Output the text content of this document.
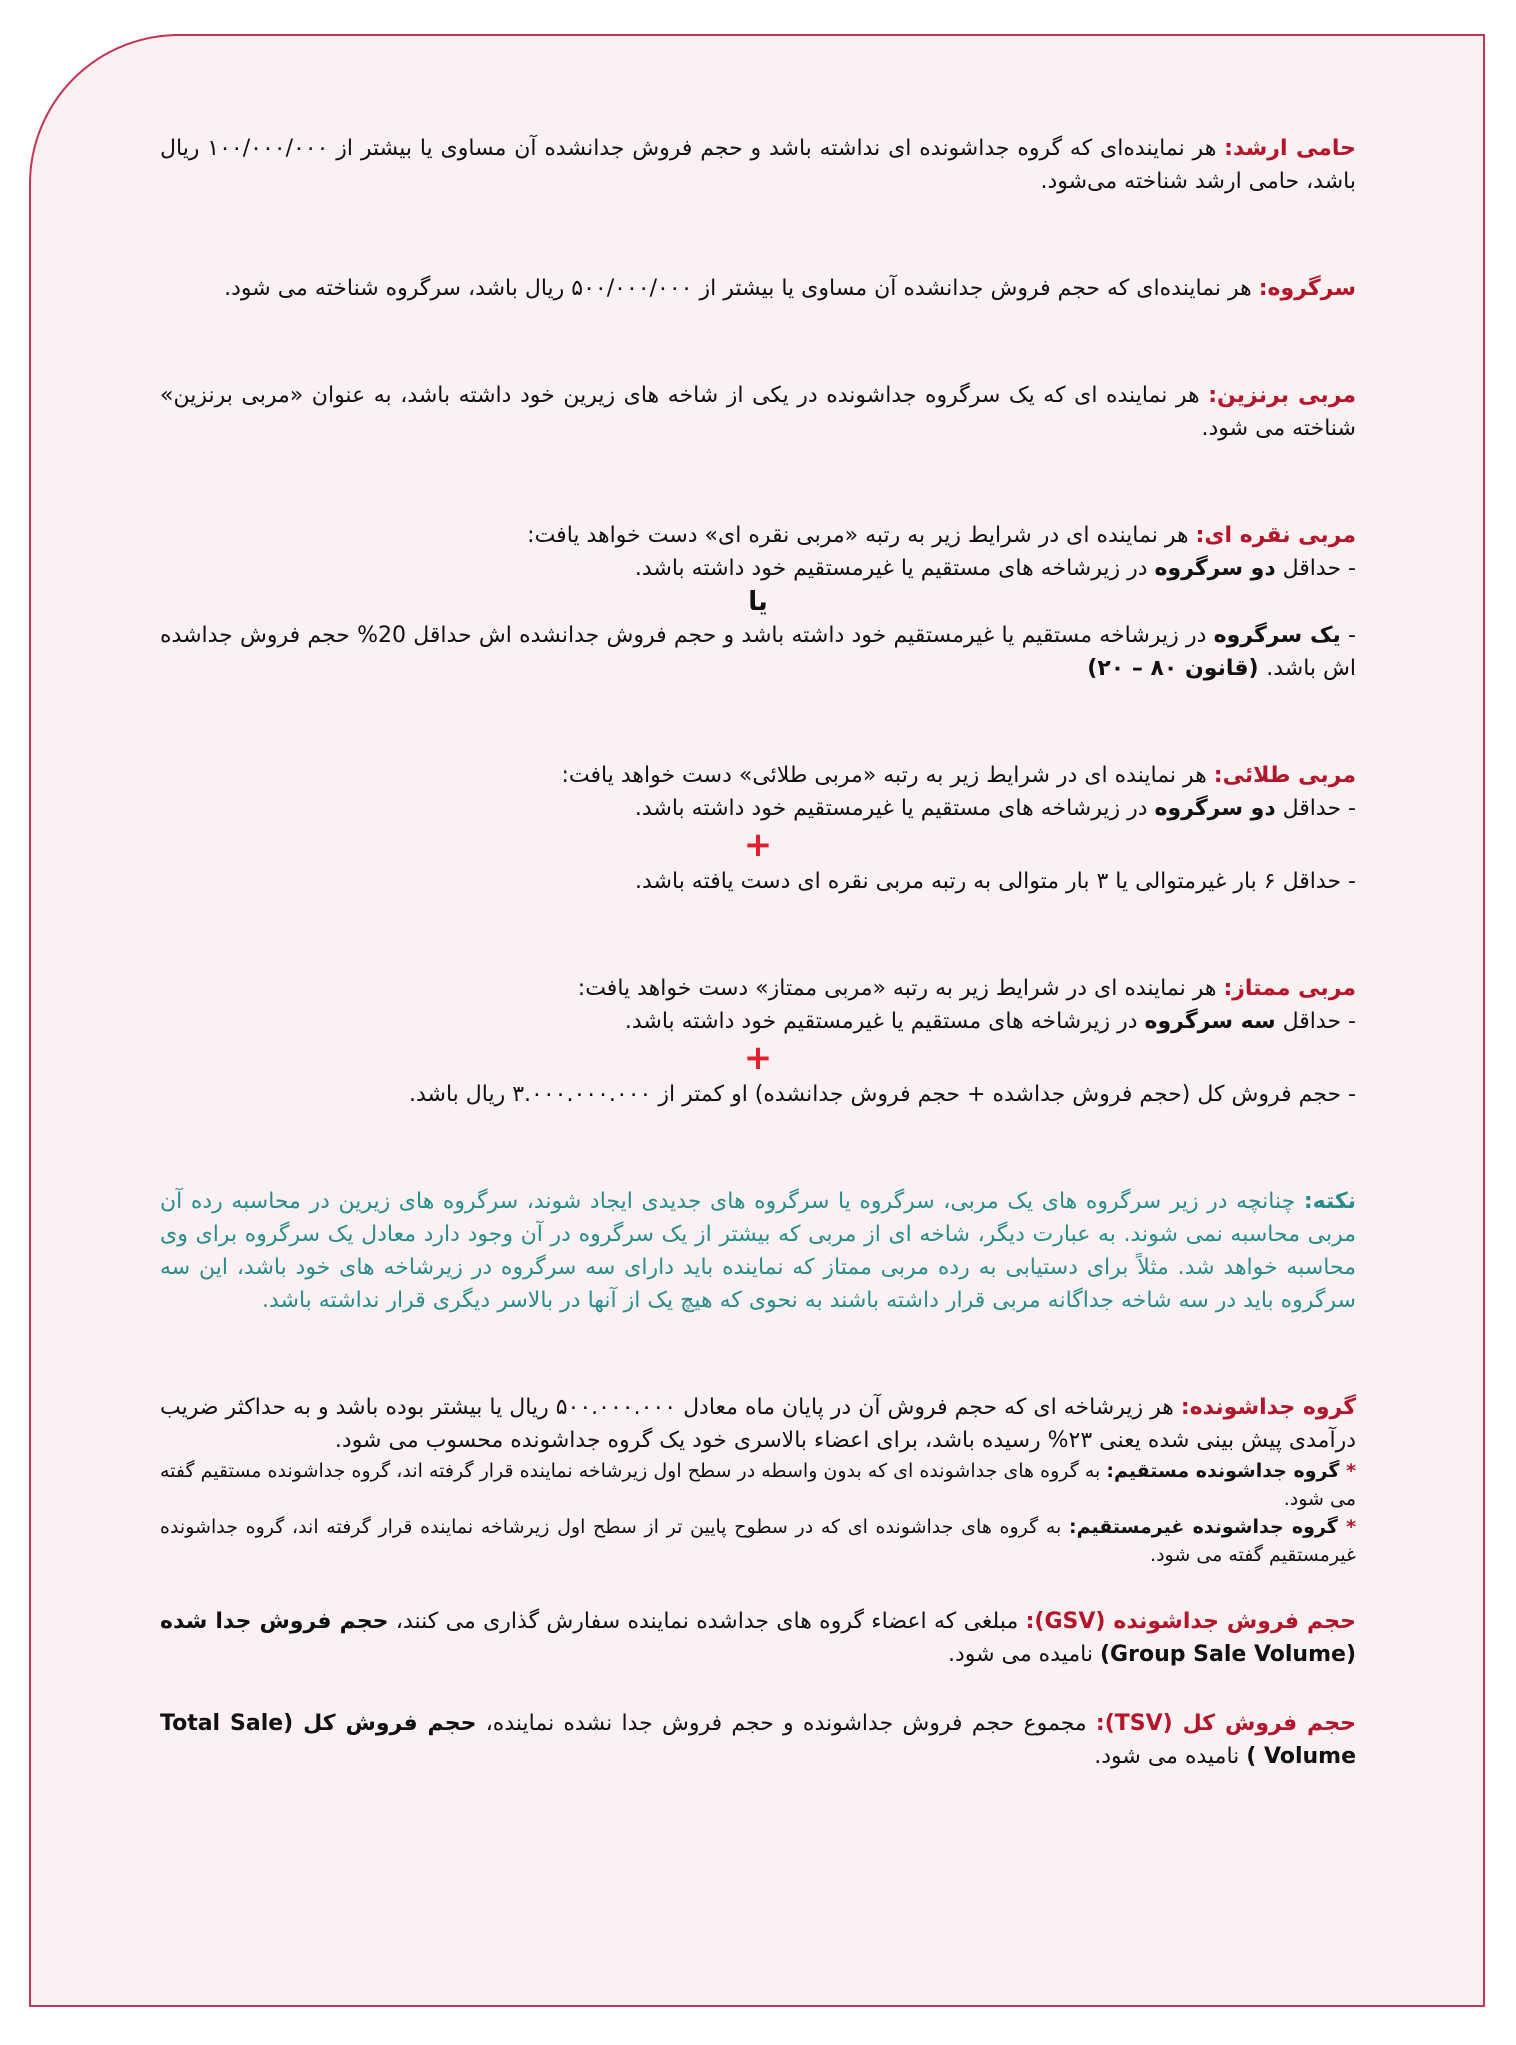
حامی ارشد: هر نماینده‌ای که گروه جداشونده ای نداشته باشد و حجم فروش جدانشده آن مساوی یا بیشتر از ۱۰۰/۰۰۰/۰۰۰ ریال باشد، حامی ارشد شناخته می‌شود.

سرگروه: هر نماینده‌ای که حجم فروش جدانشده آن مساوی یا بیشتر از ۵۰۰/۰۰۰/۰۰۰ ریال باشد، سرگروه شناخته می شود.

مربی برنزین: هر نماینده ای که یک سرگروه جداشونده در یکی از شاخه های زیرین خود داشته باشد، به عنوان «مربی برنزین» شناخته می شود.

مربی نقره ای: هر نماینده ای در شرایط زیر به رتبه «مربی نقره ای» دست خواهد یافت:
- حداقل دو سرگروه در زیرشاخه های مستقیم یا غیرمستقیم خود داشته باشد.
یا
- یک سرگروه در زیرشاخه مستقیم یا غیرمستقیم خود داشته باشد و حجم فروش جدانشده اش حداقل 20% حجم فروش جداشده اش باشد. (قانون ۸۰ – ۲۰)
مربی طلائی: هر نماینده ای در شرایط زیر به رتبه «مربی طلائی» دست خواهد یافت:
- حداقل دو سرگروه در زیرشاخه های مستقیم یا غیرمستقیم خود داشته باشد.
+
- حداقل ۶ بار غیرمتوالی یا ۳ بار متوالی به رتبه مربی نقره ای دست یافته باشد.
مربی ممتاز: هر نماینده ای در شرایط زیر به رتبه «مربی ممتاز» دست خواهد یافت:
- حداقل سه سرگروه در زیرشاخه های مستقیم یا غیرمستقیم خود داشته باشد.
+
- حجم فروش کل (حجم فروش جداشده + حجم فروش جدانشده) او کمتر از ۳.۰۰۰.۰۰۰.۰۰۰ ریال باشد.

نکته: چنانچه در زیر سرگروه های یک مربی، سرگروه یا سرگروه های جدیدی ایجاد شوند، سرگروه های زیرین در محاسبه رده آن مربی محاسبه نمی شوند. به عبارت دیگر، شاخه ای از مربی که بیشتر از یک سرگروه در آن وجود دارد معادل یک سرگروه برای وی محاسبه خواهد شد. مثلاً برای دستیابی به رده مربی ممتاز که نماینده باید دارای سه سرگروه در زیرشاخه های خود باشد، این سه سرگروه باید در سه شاخه جداگانه مربی قرار داشته باشند به نحوی که هیچ یک از آنها در بالاسر دیگری قرار نداشته باشد.

گروه جداشونده: هر زیرشاخه ای که حجم فروش آن در پایان ماه معادل ۵۰۰.۰۰۰.۰۰۰ ریال یا بیشتر بوده باشد و به حداکثر ضریب درآمدی پیش بینی شده یعنی ۲۳% رسیده باشد، برای اعضاء بالاسری خود یک گروه جداشونده محسوب می شود.
* گروه جداشونده مستقیم: به گروه های جداشونده ای که بدون واسطه در سطح اول زیرشاخه نماینده قرار گرفته اند، گروه جداشونده مستقیم گفته می شود.
* گروه جداشونده غیرمستقیم: به گروه های جداشونده ای که در سطوح پایین تر از سطح اول زیرشاخه نماینده قرار گرفته اند، گروه جداشونده غیرمستقیم گفته می شود.

حجم فروش جداشونده (GSV): مبلغی که اعضاء گروه های جداشده نماینده سفارش گذاری می کنند، حجم فروش جدا شده (Group Sale Volume) نامیده می شود.

حجم فروش کل (TSV): مجموع حجم فروش جداشونده و حجم فروش جدا نشده نماینده، حجم فروش کل (Total Sale Volume ) نامیده می شود.
